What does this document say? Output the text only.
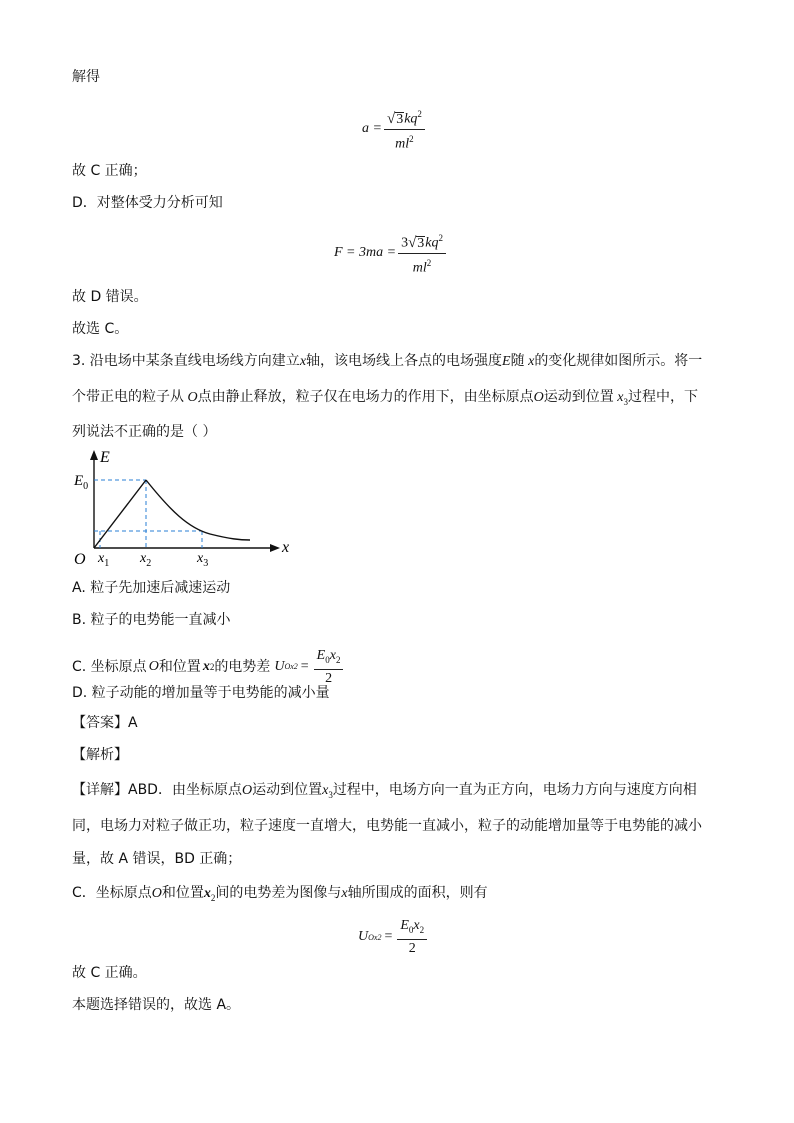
解得
$a = \frac{√ 3 kq^2}{ml^2}$
故 C 正确；
D．对整体受力分析可知
$F = 3ma = \frac{3 √ 3 kq^2}{ml^2}$
故 D 错误。
故选 C。
3. 沿电场中某条直线电场线方向建立x轴，该电场线上各点的电场强度E随 x的变化规律如图所示。将一
个带正电的粒子从 O点由静止释放，粒子仅在电场力的作用下，由坐标原点O运动到位置 $x_3$过程中，下
列说法不正确的是（ ）
E
$E_0$
O
x
$x_1$ $x_2$	$x_3$
A. 粒子先加速后减速运动
B. 粒子的电势能一直减小
C. 坐标原点 O 和位置 x 2 的电势差 U $Ox2 = \frac{E_0x_2}{2}$
D. 粒子动能的增加量等于电势能的减小量
【答案】A
【解析】
【详解】ABD．由坐标原点O运动到位置$x_3$过程中，电场方向一直为正方向，电场力方向与速度方向相
同，电场力对粒子做正功，粒子速度一直增大，电势能一直减小，粒子的动能增加量等于电势能的减小
量，故 A 错误，BD 正确；
C．坐标原点O和位置$x_2$间的电势差为图像与x轴所围成的面积，则有
U $Ox2 = \frac{E_0x_2}{2}$
故 C 正确。
本题选择错误的，故选 A。
